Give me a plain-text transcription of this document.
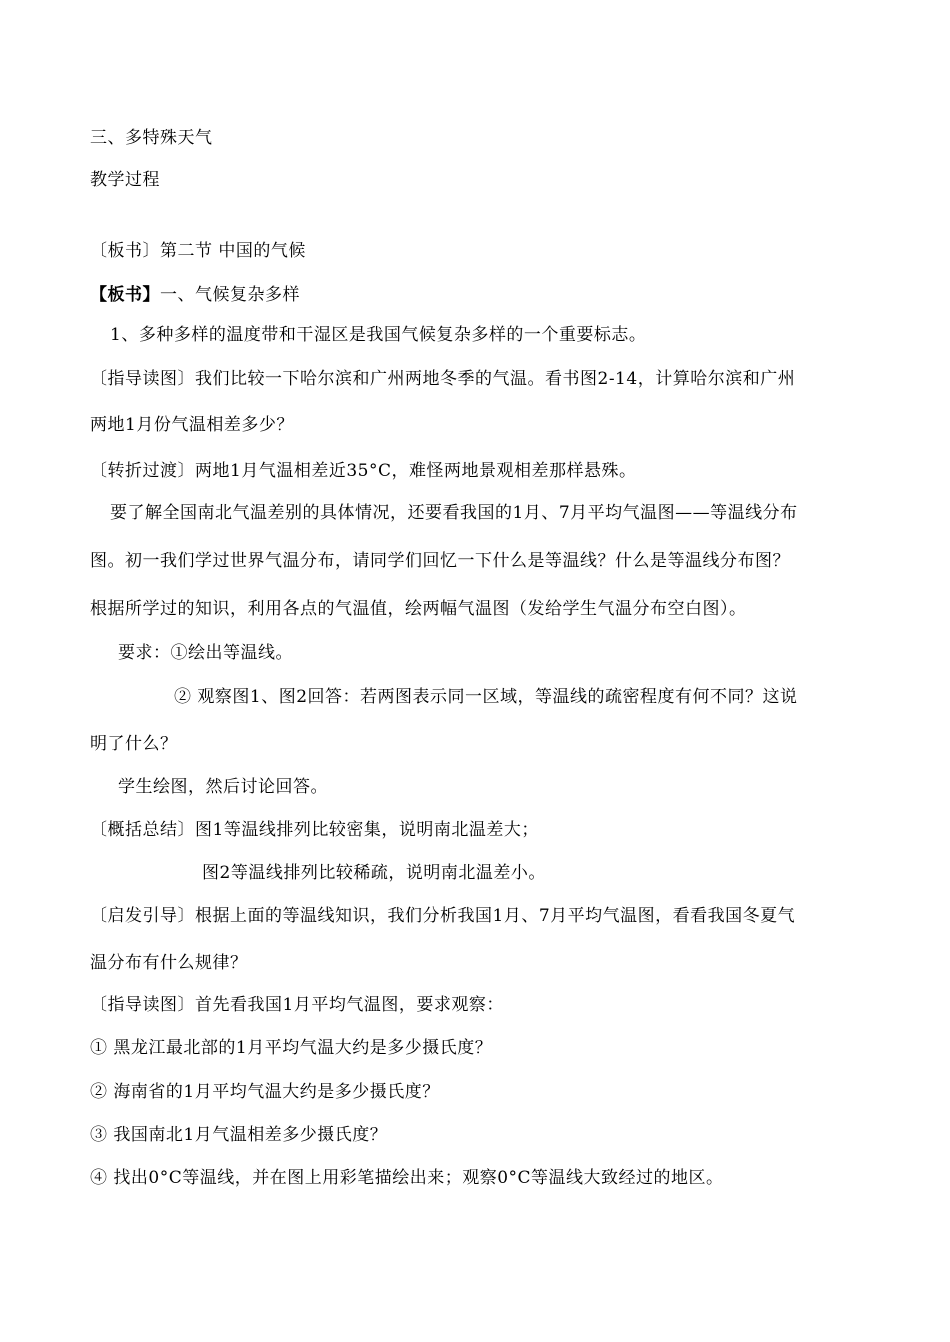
三、多特殊天气
教学过程
〔板书〕第二节 中国的气候
【板书】一、气候复杂多样
1、多种多样的温度带和干湿区是我国气候复杂多样的一个重要标志。
〔指导读图〕我们比较一下哈尔滨和广州两地冬季的气温。看书图2-14，计算哈尔滨和广州
两地1月份气温相差多少？
〔转折过渡〕两地1月气温相差近35°C，难怪两地景观相差那样悬殊。
要了解全国南北气温差别的具体情况，还要看我国的1月、7月平均气温图——等温线分布
图。初一我们学过世界气温分布，请同学们回忆一下什么是等温线？什么是等温线分布图？
根据所学过的知识，利用各点的气温值，绘两幅气温图（发给学生气温分布空白图）。
要求：①绘出等温线。
② 观察图1、图2回答：若两图表示同一区域，等温线的疏密程度有何不同？这说
明了什么？
学生绘图，然后讨论回答。
〔概括总结〕图1等温线排列比较密集，说明南北温差大；
图2等温线排列比较稀疏，说明南北温差小。
〔启发引导〕根据上面的等温线知识，我们分析我国1月、7月平均气温图，看看我国冬夏气
温分布有什么规律？
〔指导读图〕首先看我国1月平均气温图，要求观察：
① 黑龙江最北部的1月平均气温大约是多少摄氏度？
② 海南省的1月平均气温大约是多少摄氏度？
③ 我国南北1月气温相差多少摄氏度？
④ 找出0°C等温线，并在图上用彩笔描绘出来；观察0°C等温线大致经过的地区。
